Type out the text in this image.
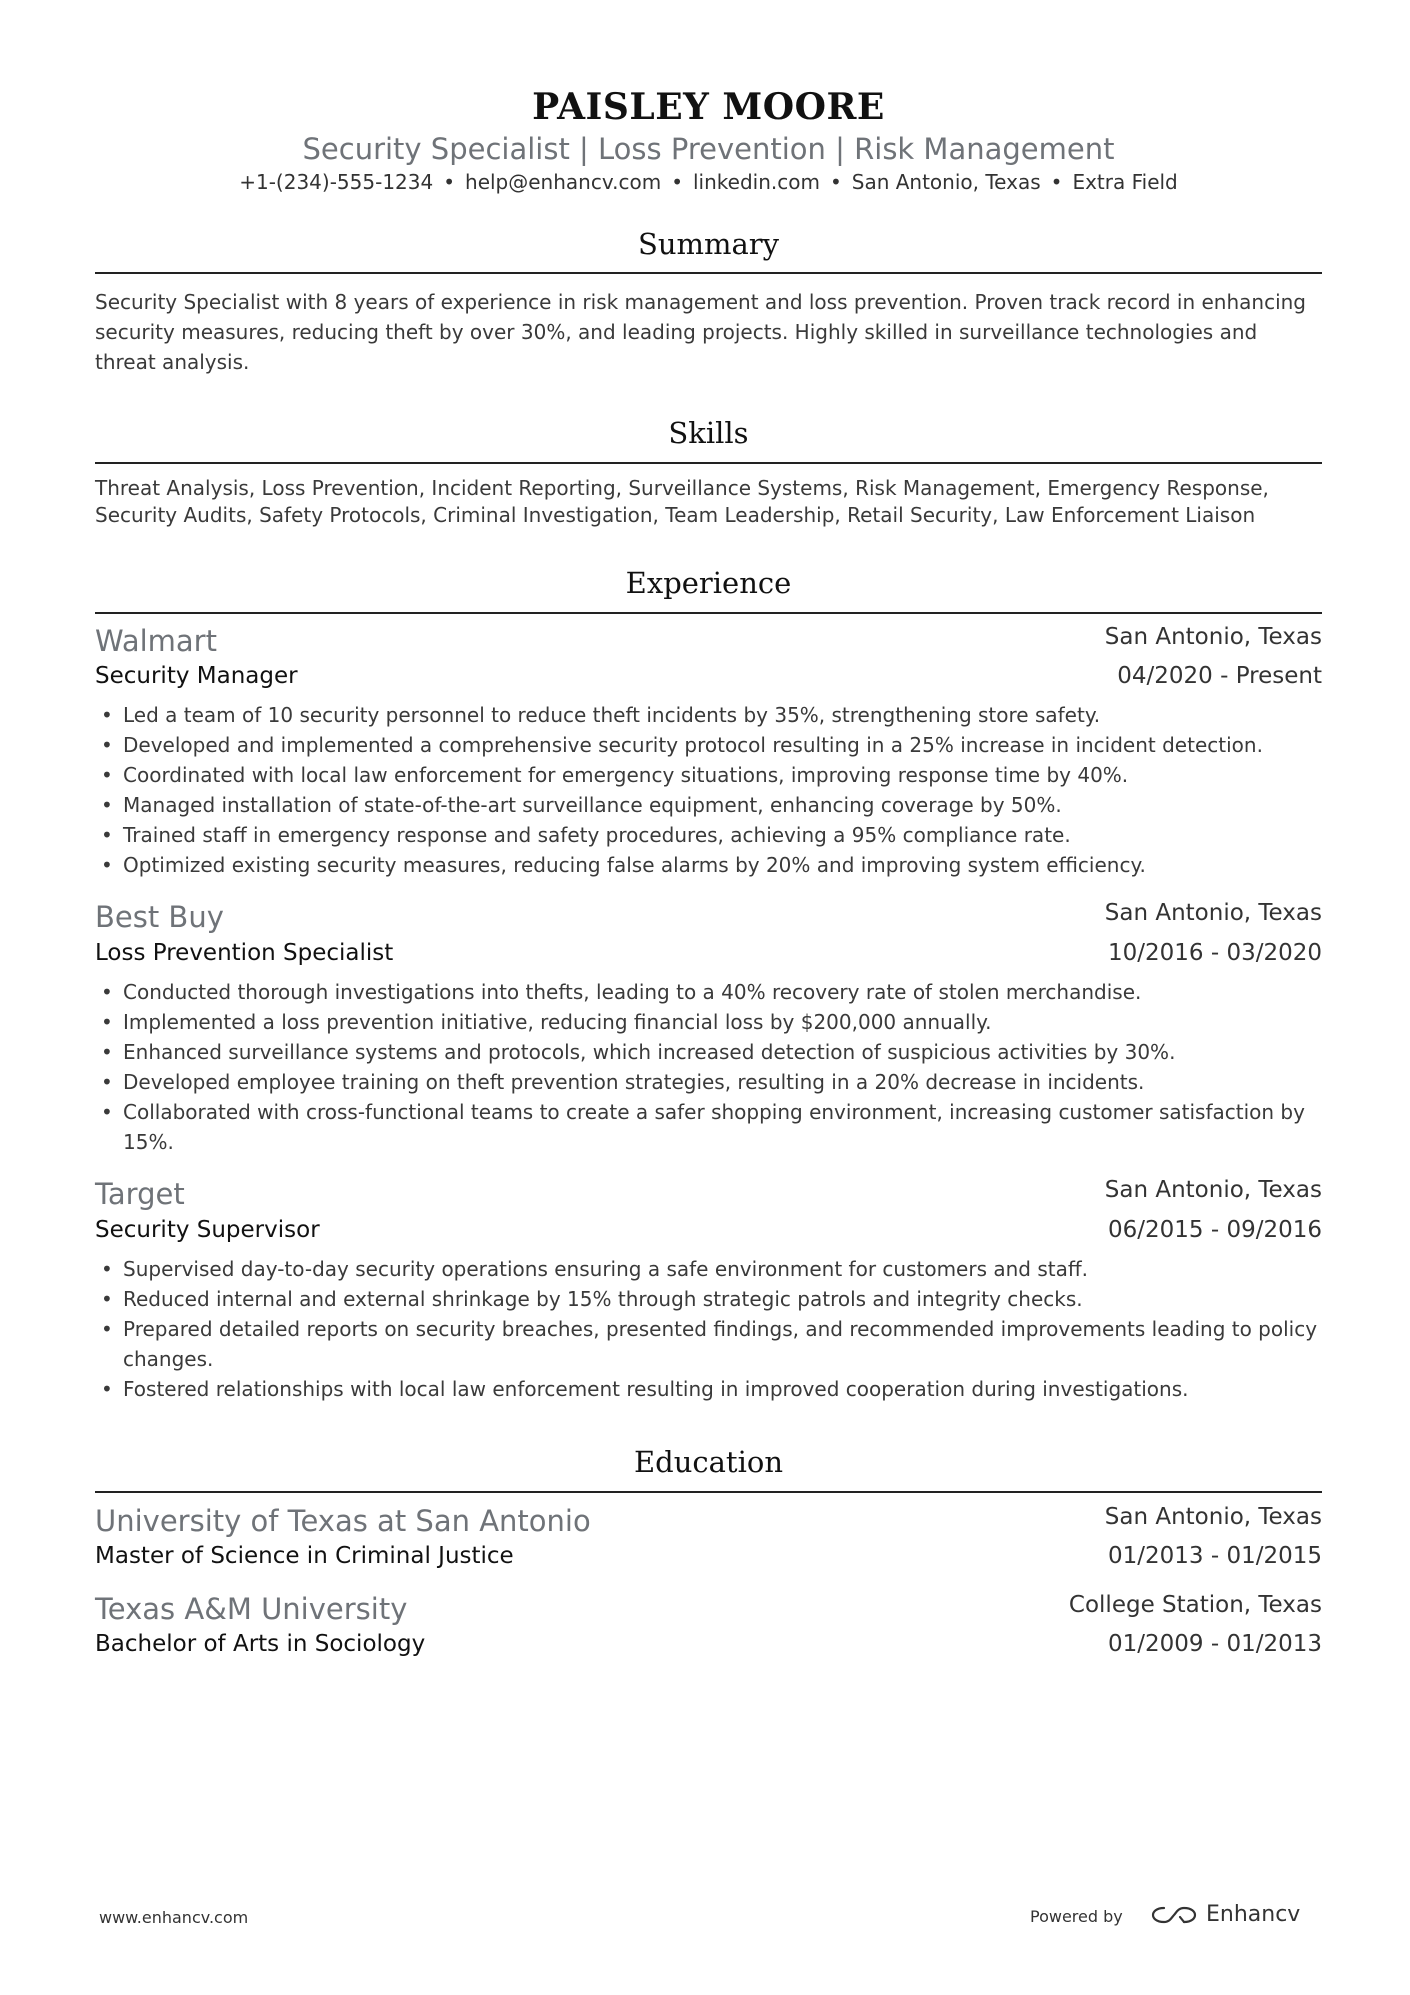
PAISLEY MOORE
Security Specialist | Loss Prevention | Risk Management
+1-(234)-555-1234 • help@enhancv.com • linkedin.com • San Antonio, Texas • Extra Field
Summary
Security Specialist with 8 years of experience in risk management and loss prevention. Proven track record in enhancing security measures, reducing theft by over 30%, and leading projects. Highly skilled in surveillance technologies and threat analysis.
Skills
Threat Analysis, Loss Prevention, Incident Reporting, Surveillance Systems, Risk Management, Emergency Response, Security Audits, Safety Protocols, Criminal Investigation, Team Leadership, Retail Security, Law Enforcement Liaison
Experience
Walmart	San Antonio, Texas
Security Manager	04/2020 - Present
• Led a team of 10 security personnel to reduce theft incidents by 35%, strengthening store safety.
• Developed and implemented a comprehensive security protocol resulting in a 25% increase in incident detection.
• Coordinated with local law enforcement for emergency situations, improving response time by 40%.
• Managed installation of state-of-the-art surveillance equipment, enhancing coverage by 50%.
• Trained staff in emergency response and safety procedures, achieving a 95% compliance rate.
• Optimized existing security measures, reducing false alarms by 20% and improving system efficiency.
Best Buy	San Antonio, Texas
Loss Prevention Specialist	10/2016 - 03/2020
• Conducted thorough investigations into thefts, leading to a 40% recovery rate of stolen merchandise.
• Implemented a loss prevention initiative, reducing financial loss by $200,000 annually.
• Enhanced surveillance systems and protocols, which increased detection of suspicious activities by 30%.
• Developed employee training on theft prevention strategies, resulting in a 20% decrease in incidents.
• Collaborated with cross-functional teams to create a safer shopping environment, increasing customer satisfaction by 15%.
Target	San Antonio, Texas
Security Supervisor	06/2015 - 09/2016
• Supervised day-to-day security operations ensuring a safe environment for customers and staff.
• Reduced internal and external shrinkage by 15% through strategic patrols and integrity checks.
• Prepared detailed reports on security breaches, presented findings, and recommended improvements leading to policy changes.
• Fostered relationships with local law enforcement resulting in improved cooperation during investigations.
Education
University of Texas at San Antonio	San Antonio, Texas
Master of Science in Criminal Justice	01/2013 - 01/2015
Texas A&M University	College Station, Texas
Bachelor of Arts in Sociology	01/2009 - 01/2013
www.enhancv.com	Powered by	Enhancv
